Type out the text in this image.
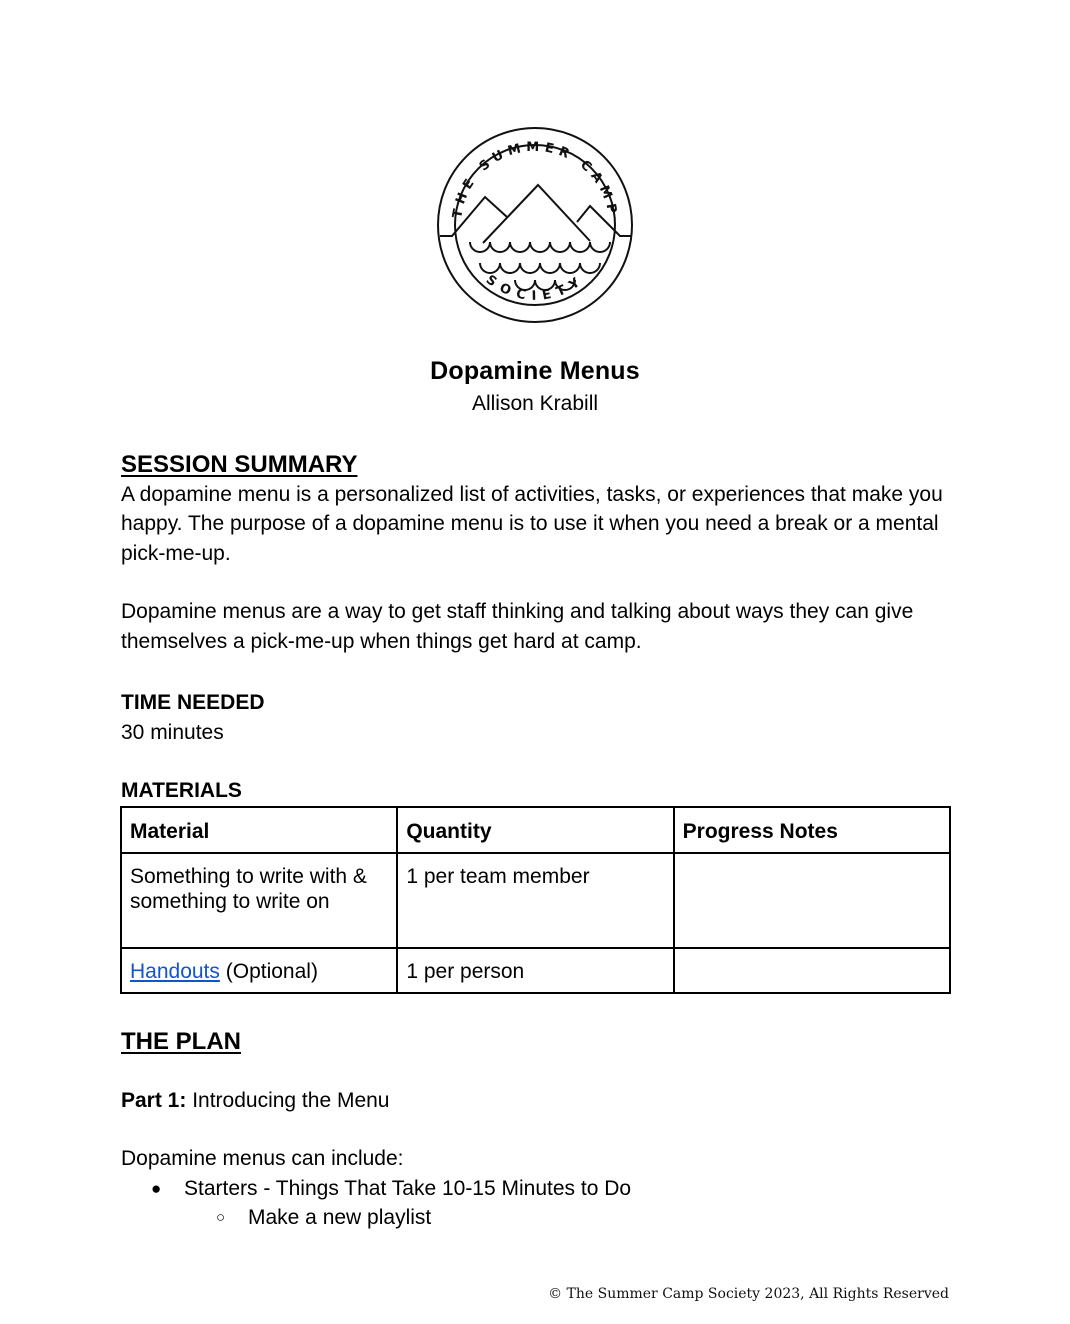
THE SUMMER CAMP
SOCIETY
Dopamine Menus
Allison Krabill
SESSION SUMMARY

A dopamine menu is a personalized list of activities, tasks, or experiences that make you happy. The purpose of a dopamine menu is to use it when you need a break or a mental pick-me-up.

Dopamine menus are a way to get staff thinking and talking about ways they can give themselves a pick-me-up when things get hard at camp.

TIME NEEDED
30 minutes
MATERIALS
Material	Quantity	Progress Notes
Something to write with & something to write on	1 per team member	
Handouts (Optional)	1 per person	
THE PLAN

Part 1: Introducing the Menu

Dopamine menus can include:

● Starters - Things That Take 10-15 Minutes to Do
○ Make a new playlist
© The Summer Camp Society 2023, All Rights Reserved
